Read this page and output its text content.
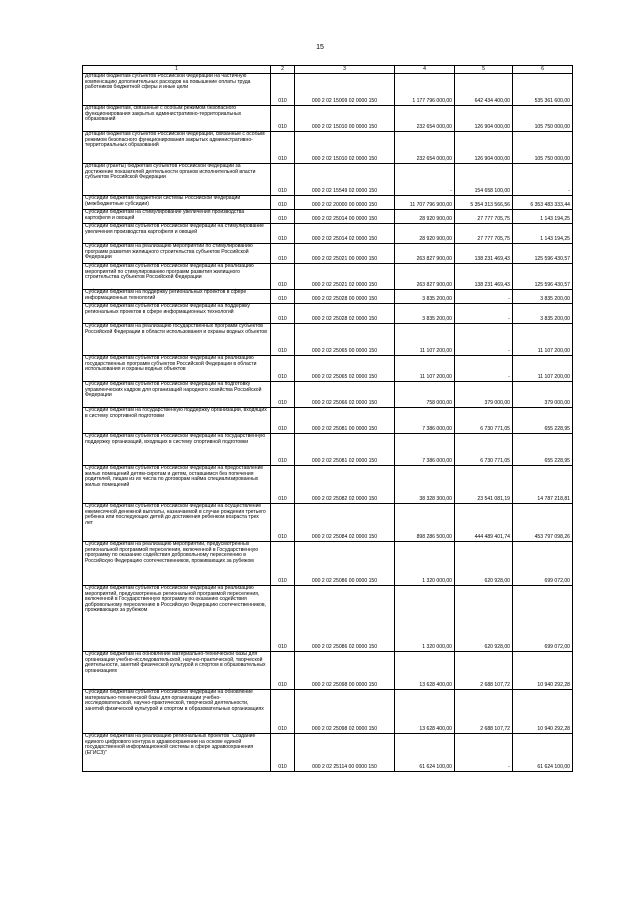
15
1	2	3	4	5	6
Дотации бюджетам субъектов Российской Федерации на частичную компенсацию дополнительных расходов на повышение оплаты труда работников бюджетной сферы и иные цели	010	000 2 02 15009 02 0000 150	1 177 796 000,00	642 434 400,00	535 361 600,00
Дотации бюджетам, связанные с особым режимом безопасного функционирования закрытых административно-территориальных образований	010	000 2 02 15010 00 0000 150	232 654 000,00	126 904 000,00	105 750 000,00
Дотации бюджетам субъектов Российской Федерации, связанные с особым режимом безопасного функционирования закрытых административно-территориальных образований	010	000 2 02 15010 02 0000 150	232 654 000,00	126 904 000,00	105 750 000,00
Дотации (гранты) бюджетам субъектов Российской Федерации за достижение показателей деятельности органов исполнительной власти субъектов Российской Федерации	010	000 2 02 15549 02 0000 150	-	154 658 100,00	-
Субсидии бюджетам бюджетной системы Российской Федерации (межбюджетные субсидии)	010	000 2 02 20000 00 0000 150	11 707 796 900,00	5 354 313 566,56	6 353 483 333,44
Субсидии бюджетам на стимулирование увеличения производства картофеля и овощей	010	000 2 02 25014 00 0000 150	28 920 900,00	27 777 705,75	1 143 194,25
Субсидии бюджетам субъектов Российской Федерации на стимулирование увеличения производства картофеля и овощей	010	000 2 02 25014 02 0000 150	28 920 900,00	27 777 705,75	1 143 194,25
Субсидии бюджетам на реализацию мероприятий по стимулированию программ развития жилищного строительства субъектов Российской Федерации	010	000 2 02 25021 00 0000 150	263 827 900,00	138 231 469,43	125 596 430,57
Субсидии бюджетам субъектов Российской Федерации на реализацию мероприятий по стимулированию программ развития жилищного строительства субъектов Российской Федерации	010	000 2 02 25021 02 0000 150	263 827 900,00	138 231 469,43	125 596 430,57
Субсидии бюджетам на поддержку региональных проектов в сфере информационных технологий	010	000 2 02 25028 00 0000 150	3 835 200,00	-	3 835 200,00
Субсидии бюджетам субъектов Российской Федерации на поддержку региональных проектов в сфере информационных технологий	010	000 2 02 25028 02 0000 150	3 835 200,00	-	3 835 200,00
Субсидии бюджетам на реализацию государственных программ субъектов Российской Федерации в области использования и охраны водных объектов	010	000 2 02 25065 00 0000 150	11 107 200,00	-	11 107 200,00
Субсидии бюджетам субъектов Российской Федерации на реализацию государственных программ субъектов Российской Федерации в области использования и охраны водных объектов	010	000 2 02 25065 02 0000 150	11 107 200,00	-	11 107 200,00
Субсидии бюджетам субъектов Российской Федерации на подготовку управленческих кадров для организаций народного хозяйства Российской Федерации	010	000 2 02 25066 02 0000 150	758 000,00	379 000,00	379 000,00
Субсидии бюджетам на государственную поддержку организаций, входящих в систему спортивной подготовки	010	000 2 02 25081 00 0000 150	7 386 000,00	6 730 771,05	655 228,95
Субсидии бюджетам субъектов Российской Федерации на государственную поддержку организаций, входящих в систему спортивной подготовки	010	000 2 02 25081 02 0000 150	7 386 000,00	6 730 771,05	655 228,95
Субсидии бюджетам субъектов Российской Федерации на предоставление жилых помещений детям-сиротам и детям, оставшимся без попечения родителей, лицам из их числа по договорам найма специализированных жилых помещений	010	000 2 02 25082 02 0000 150	38 328 300,00	23 541 081,19	14 787 218,81
Субсидии бюджетам субъектов Российской Федерации на осуществление ежемесячной денежной выплаты, назначаемой в случае рождения третьего ребенка или последующих детей до достижения ребенком возраста трех лет	010	000 2 02 25084 02 0000 150	898 286 500,00	444 489 401,74	453 797 098,26
Субсидии бюджетам на реализацию мероприятий, предусмотренных региональной программой переселения, включенной в Государственную программу по оказанию содействия добровольному переселению в Российскую Федерацию соотечественников, проживающих за рубежом	010	000 2 02 25086 00 0000 150	1 320 000,00	620 928,00	699 072,00
Субсидии бюджетам субъектов Российской Федерации на реализацию мероприятий, предусмотренных региональной программой переселения, включенной в Государственную программу по оказанию содействия добровольному переселению в Российскую Федерацию соотечественников, проживающих за рубежом	010	000 2 02 25086 02 0000 150	1 320 000,00	620 928,00	699 072,00
Субсидии бюджетам на обновление материально-технической базы для организации учебно-исследовательской, научно-практической, творческой деятельности, занятий физической культурой и спортом в образовательных организациях	010	000 2 02 25098 00 0000 150	13 628 400,00	2 688 107,72	10 940 292,28
Субсидии бюджетам субъектов Российской Федерации на обновление материально-технической базы для организации учебно-исследовательской, научно-практической, творческой деятельности, занятий физической культурой и спортом в образовательных организациях	010	000 2 02 25098 02 0000 150	13 628 400,00	2 688 107,72	10 940 292,28
Субсидии бюджетам на реализацию региональных проектов "Создание единого цифрового контура в здравоохранении на основе единой государственной информационной системы в сфере здравоохранения (ЕГИСЗ)"	010	000 2 02 25114 00 0000 150	61 624 100,00	-	61 624 100,00
